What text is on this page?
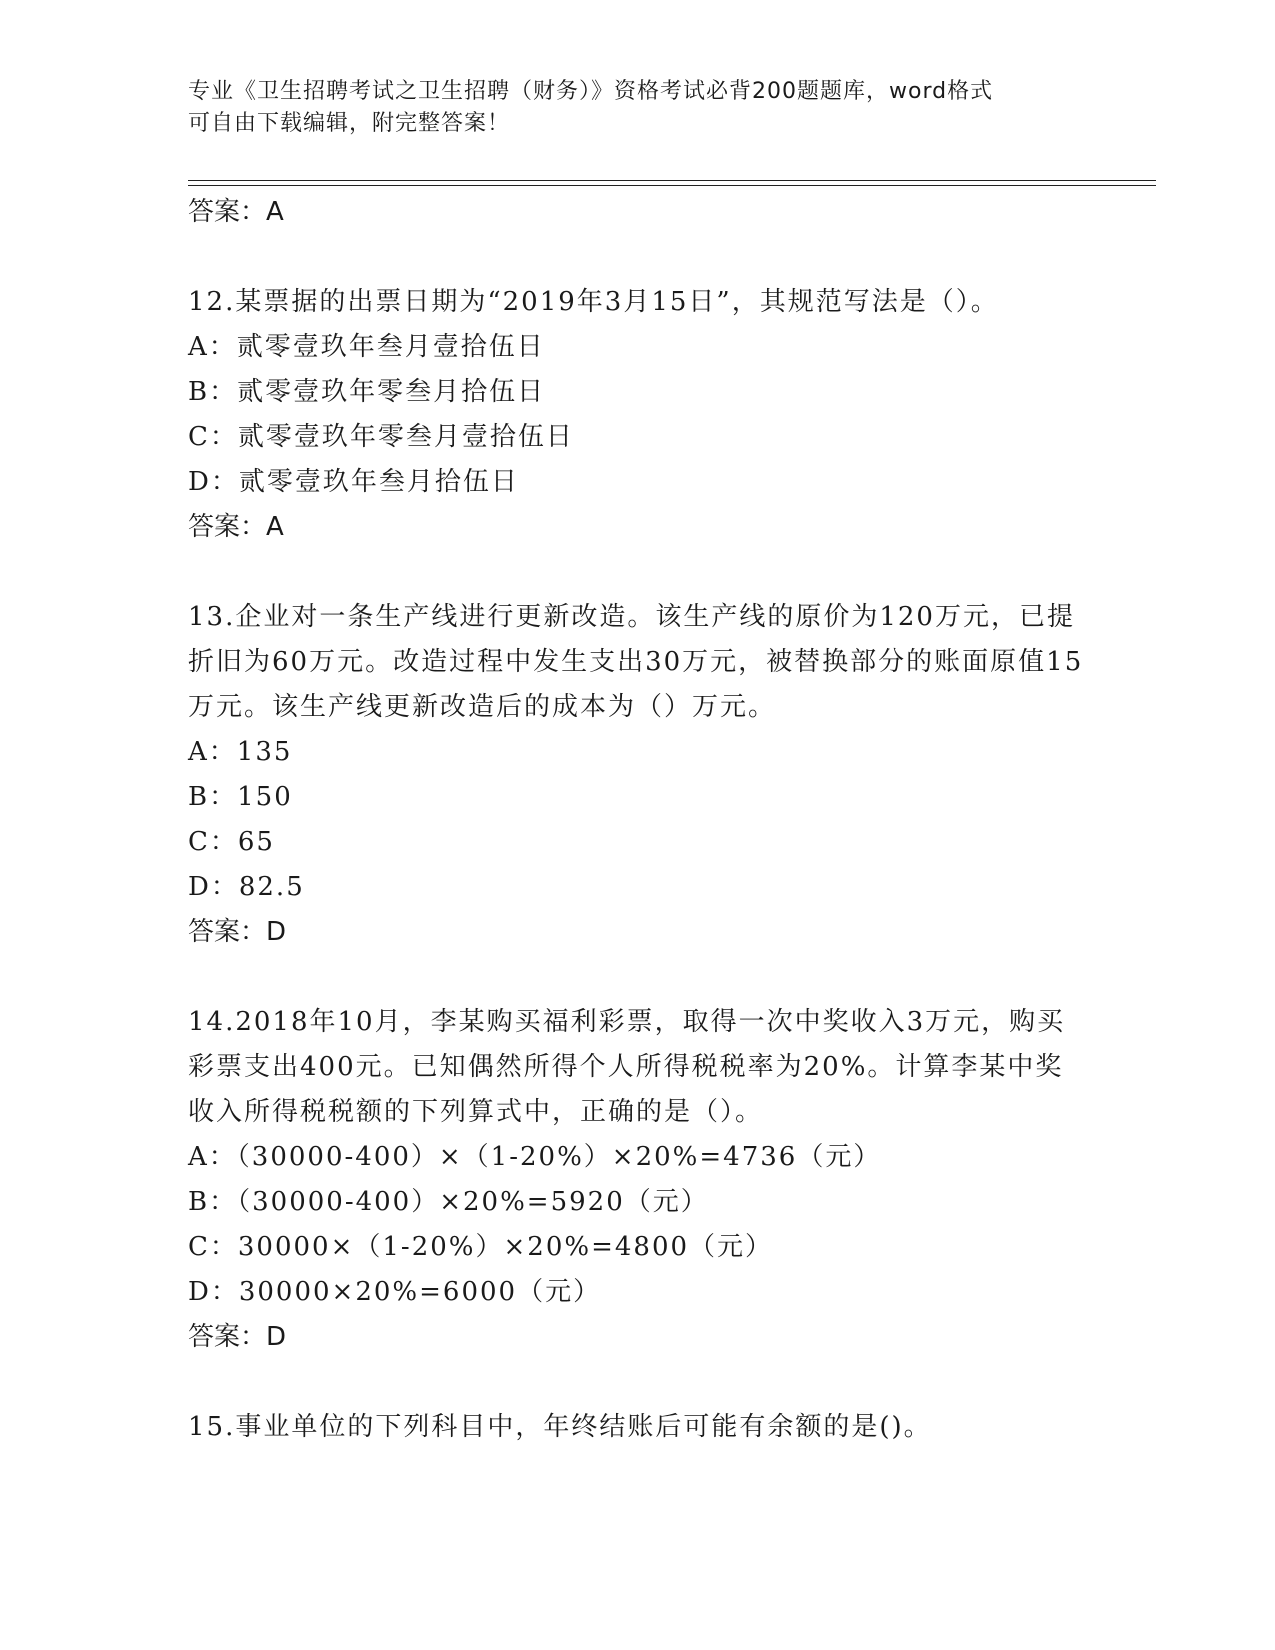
专业《卫生招聘考试之卫生招聘（财务）》资格考试必背200题题库，word格式
可自由下载编辑，附完整答案！
答案：A
12.某票据的出票日期为“2019年3月15日”，其规范写法是（）。
A：贰零壹玖年叁月壹拾伍日
B：贰零壹玖年零叁月拾伍日
C：贰零壹玖年零叁月壹拾伍日
D：贰零壹玖年叁月拾伍日
答案：A
13.企业对一条生产线进行更新改造。该生产线的原价为120万元，已提折旧为60万元。改造过程中发生支出30万元，被替换部分的账面原值15万元。该生产线更新改造后的成本为（）万元。
A：135
B：150
C：65
D：82.5
答案：D
14.2018年10月，李某购买福利彩票，取得一次中奖收入3万元，购买彩票支出400元。已知偶然所得个人所得税税率为20%。计算李某中奖收入所得税税额的下列算式中，正确的是（）。
A：（30000-400）×（1-20%）×20%=4736（元）
B：（30000-400）×20%=5920（元）
C：30000×（1-20%）×20%=4800（元）
D：30000×20%=6000（元）
答案：D
15.事业单位的下列科目中，年终结账后可能有余额的是()。
